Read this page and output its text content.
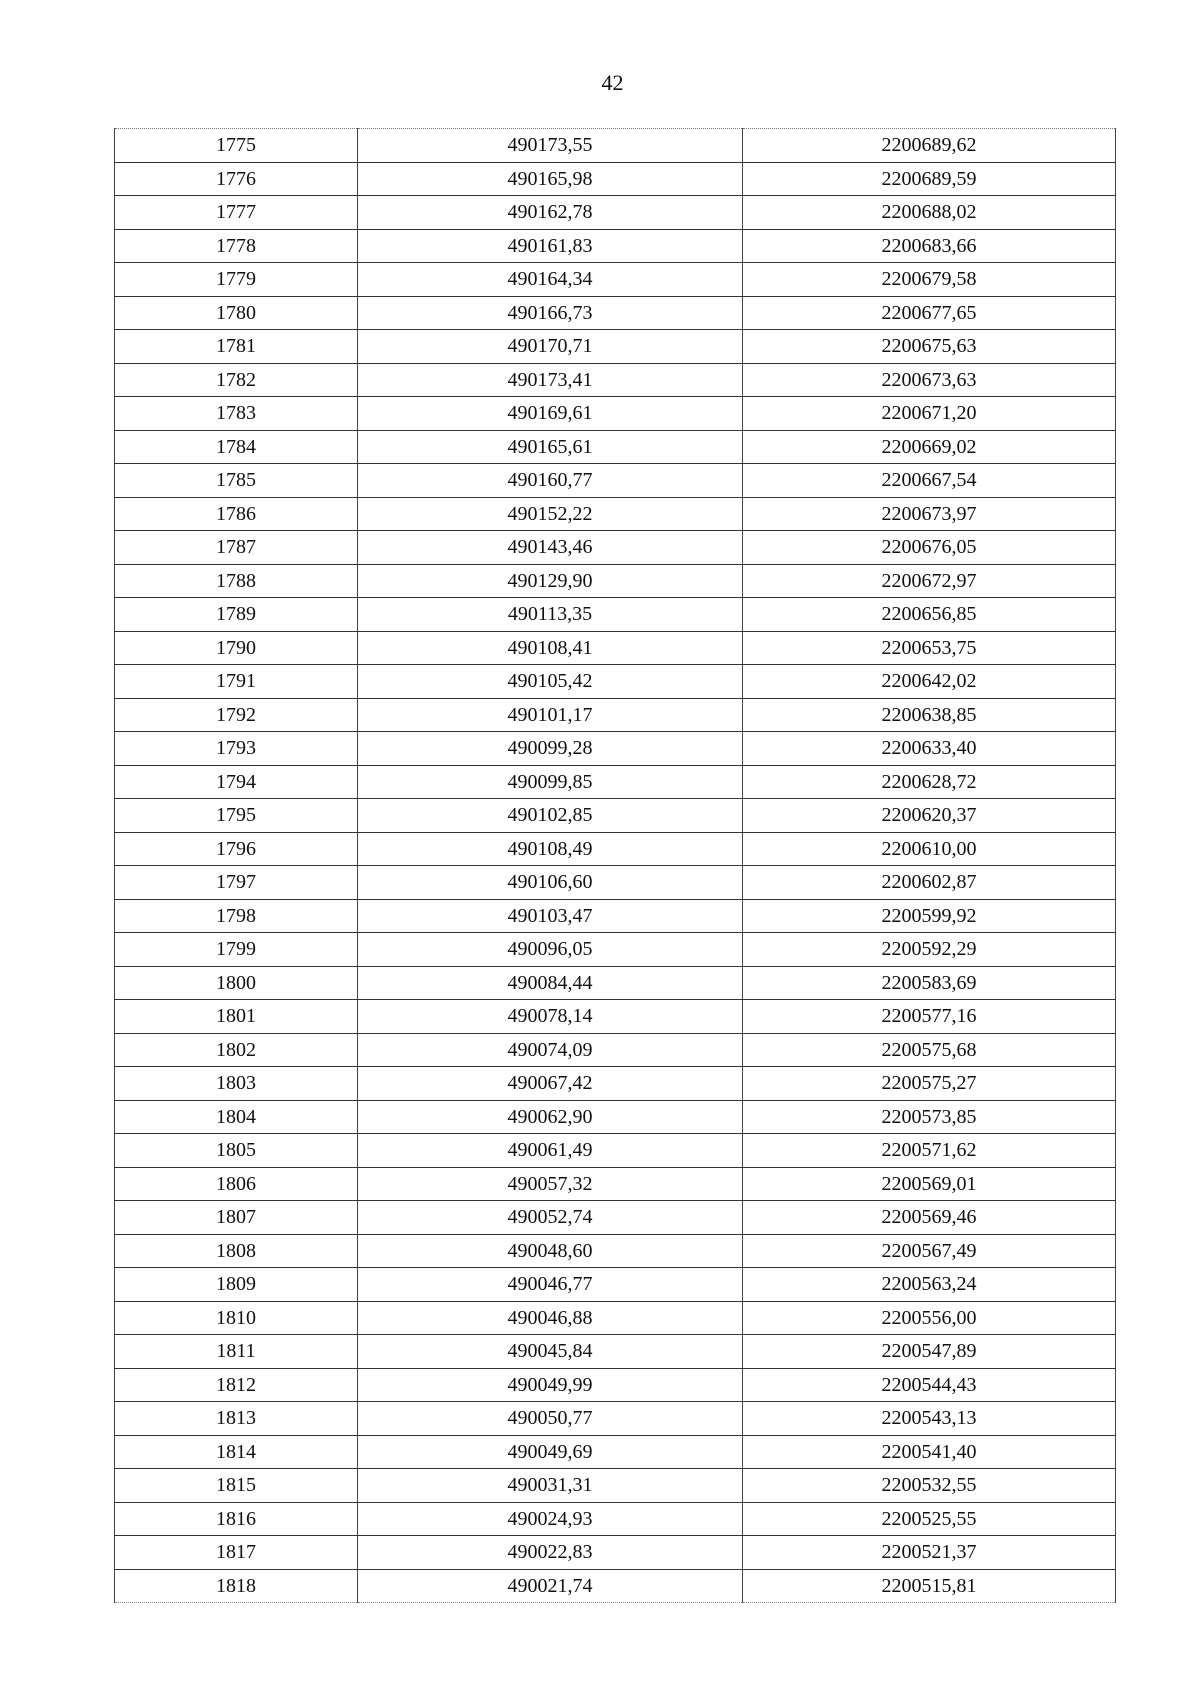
42
1775	490173,55	2200689,62
1776	490165,98	2200689,59
1777	490162,78	2200688,02
1778	490161,83	2200683,66
1779	490164,34	2200679,58
1780	490166,73	2200677,65
1781	490170,71	2200675,63
1782	490173,41	2200673,63
1783	490169,61	2200671,20
1784	490165,61	2200669,02
1785	490160,77	2200667,54
1786	490152,22	2200673,97
1787	490143,46	2200676,05
1788	490129,90	2200672,97
1789	490113,35	2200656,85
1790	490108,41	2200653,75
1791	490105,42	2200642,02
1792	490101,17	2200638,85
1793	490099,28	2200633,40
1794	490099,85	2200628,72
1795	490102,85	2200620,37
1796	490108,49	2200610,00
1797	490106,60	2200602,87
1798	490103,47	2200599,92
1799	490096,05	2200592,29
1800	490084,44	2200583,69
1801	490078,14	2200577,16
1802	490074,09	2200575,68
1803	490067,42	2200575,27
1804	490062,90	2200573,85
1805	490061,49	2200571,62
1806	490057,32	2200569,01
1807	490052,74	2200569,46
1808	490048,60	2200567,49
1809	490046,77	2200563,24
1810	490046,88	2200556,00
1811	490045,84	2200547,89
1812	490049,99	2200544,43
1813	490050,77	2200543,13
1814	490049,69	2200541,40
1815	490031,31	2200532,55
1816	490024,93	2200525,55
1817	490022,83	2200521,37
1818	490021,74	2200515,81
